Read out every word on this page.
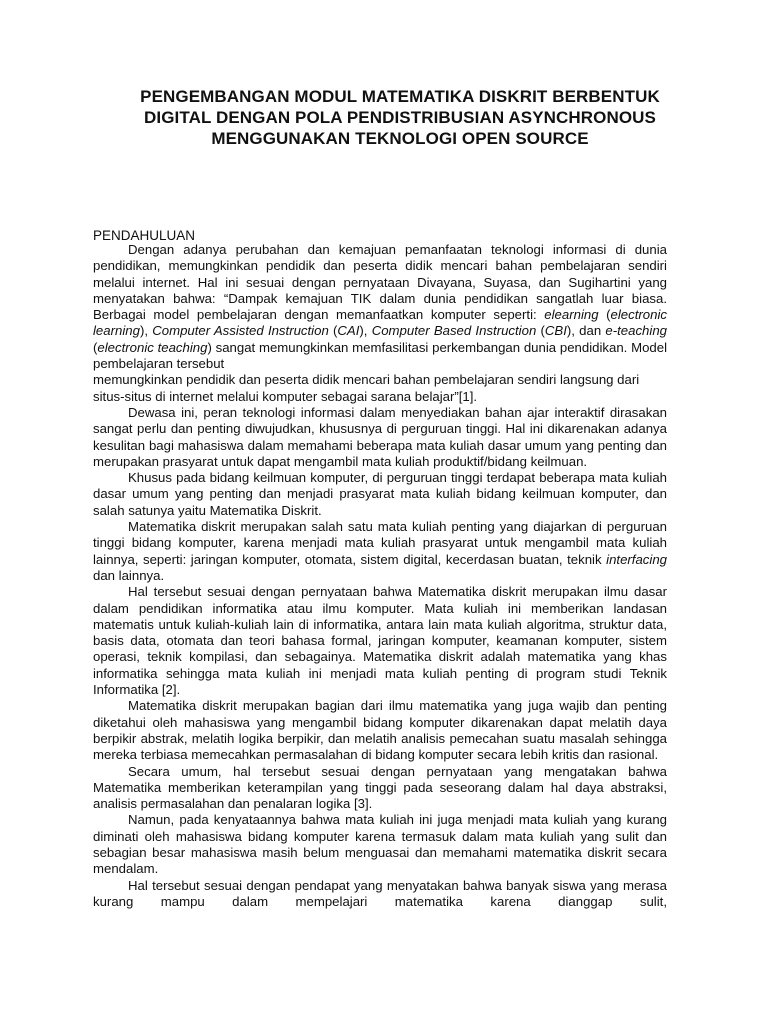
PENGEMBANGAN MODUL MATEMATIKA DISKRIT BERBENTUK
DIGITAL DENGAN POLA PENDISTRIBUSIAN ASYNCHRONOUS
MENGGUNAKAN TEKNOLOGI OPEN SOURCE
PENDAHULUAN

Dengan adanya perubahan dan kemajuan pemanfaatan teknologi informasi di dunia pendidikan, memungkinkan pendidik dan peserta didik mencari bahan pembelajaran sendiri melalui internet. Hal ini sesuai dengan pernyataan Divayana, Suyasa, dan Sugihartini yang menyatakan bahwa: “Dampak kemajuan TIK dalam dunia pendidikan sangatlah luar biasa. Berbagai model pembelajaran dengan memanfaatkan komputer seperti: elearning (electronic learning), Computer Assisted Instruction (CAI), Computer Based Instruction (CBI), dan e-teaching (electronic teaching) sangat memungkinkan memfasilitasi perkembangan dunia pendidikan. Model pembelajaran tersebut

memungkinkan pendidik dan peserta didik mencari bahan pembelajaran sendiri langsung dari situs-situs di internet melalui komputer sebagai sarana belajar”[1].

Dewasa ini, peran teknologi informasi dalam menyediakan bahan ajar interaktif dirasakan sangat perlu dan penting diwujudkan, khususnya di perguruan tinggi. Hal ini dikarenakan adanya kesulitan bagi mahasiswa dalam memahami beberapa mata kuliah dasar umum yang penting dan merupakan prasyarat untuk dapat mengambil mata kuliah produktif/bidang keilmuan.

Khusus pada bidang keilmuan komputer, di perguruan tinggi terdapat beberapa mata kuliah dasar umum yang penting dan menjadi prasyarat mata kuliah bidang keilmuan komputer, dan salah satunya yaitu Matematika Diskrit.

Matematika diskrit merupakan salah satu mata kuliah penting yang diajarkan di perguruan tinggi bidang komputer, karena menjadi mata kuliah prasyarat untuk mengambil mata kuliah lainnya, seperti: jaringan komputer, otomata, sistem digital, kecerdasan buatan, teknik interfacing dan lainnya.

Hal tersebut sesuai dengan pernyataan bahwa Matematika diskrit merupakan ilmu dasar dalam pendidikan informatika atau ilmu komputer. Mata kuliah ini memberikan landasan matematis untuk kuliah-kuliah lain di informatika, antara lain mata kuliah algoritma, struktur data, basis data, otomata dan teori bahasa formal, jaringan komputer, keamanan komputer, sistem operasi, teknik kompilasi, dan sebagainya. Matematika diskrit adalah matematika yang khas informatika sehingga mata kuliah ini menjadi mata kuliah penting di program studi Teknik Informatika [2].

Matematika diskrit merupakan bagian dari ilmu matematika yang juga wajib dan penting diketahui oleh mahasiswa yang mengambil bidang komputer dikarenakan dapat melatih daya berpikir abstrak, melatih logika berpikir, dan melatih analisis pemecahan suatu masalah sehingga mereka terbiasa memecahkan permasalahan di bidang komputer secara lebih kritis dan rasional.

Secara umum, hal tersebut sesuai dengan pernyataan yang mengatakan bahwa Matematika memberikan keterampilan yang tinggi pada seseorang dalam hal daya abstraksi, analisis permasalahan dan penalaran logika [3].

Namun, pada kenyataannya bahwa mata kuliah ini juga menjadi mata kuliah yang kurang diminati oleh mahasiswa bidang komputer karena termasuk dalam mata kuliah yang sulit dan sebagian besar mahasiswa masih belum menguasai dan memahami matematika diskrit secara mendalam.

Hal tersebut sesuai dengan pendapat yang menyatakan bahwa banyak siswa yang merasa kurang mampu dalam mempelajari matematika karena dianggap sulit,
